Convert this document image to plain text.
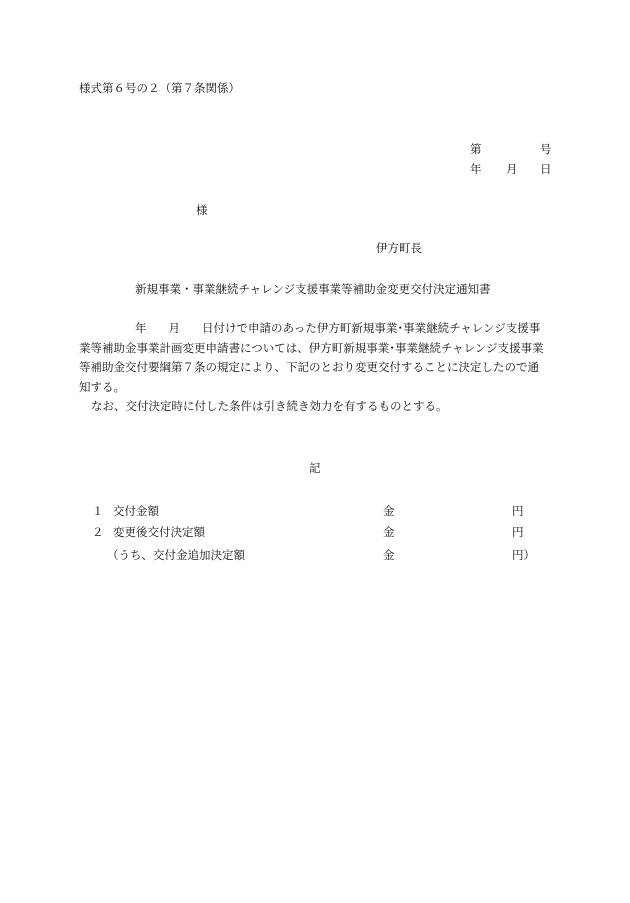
様式第６号の２（第７条関係）
第	号
年 月 日
様
伊方町長
新規事業・事業継続チャレンジ支援事業等補助金変更交付決定通知書
年 月 日付けで申請のあった伊方町新規事業･事業継続チャレンジ支援事
業等補助金事業計画変更申請書については、伊方町新規事業･事業継続チャレンジ支援事業
等補助金交付要綱第７条の規定により、下記のとおり変更交付することに決定したので通
知する。
なお、交付決定時に付した条件は引き続き効力を有するものとする。
記
１ 交付金額	金	円
２ 変更後交付決定額	金	円
（うち、交付金追加決定額	金	円）
